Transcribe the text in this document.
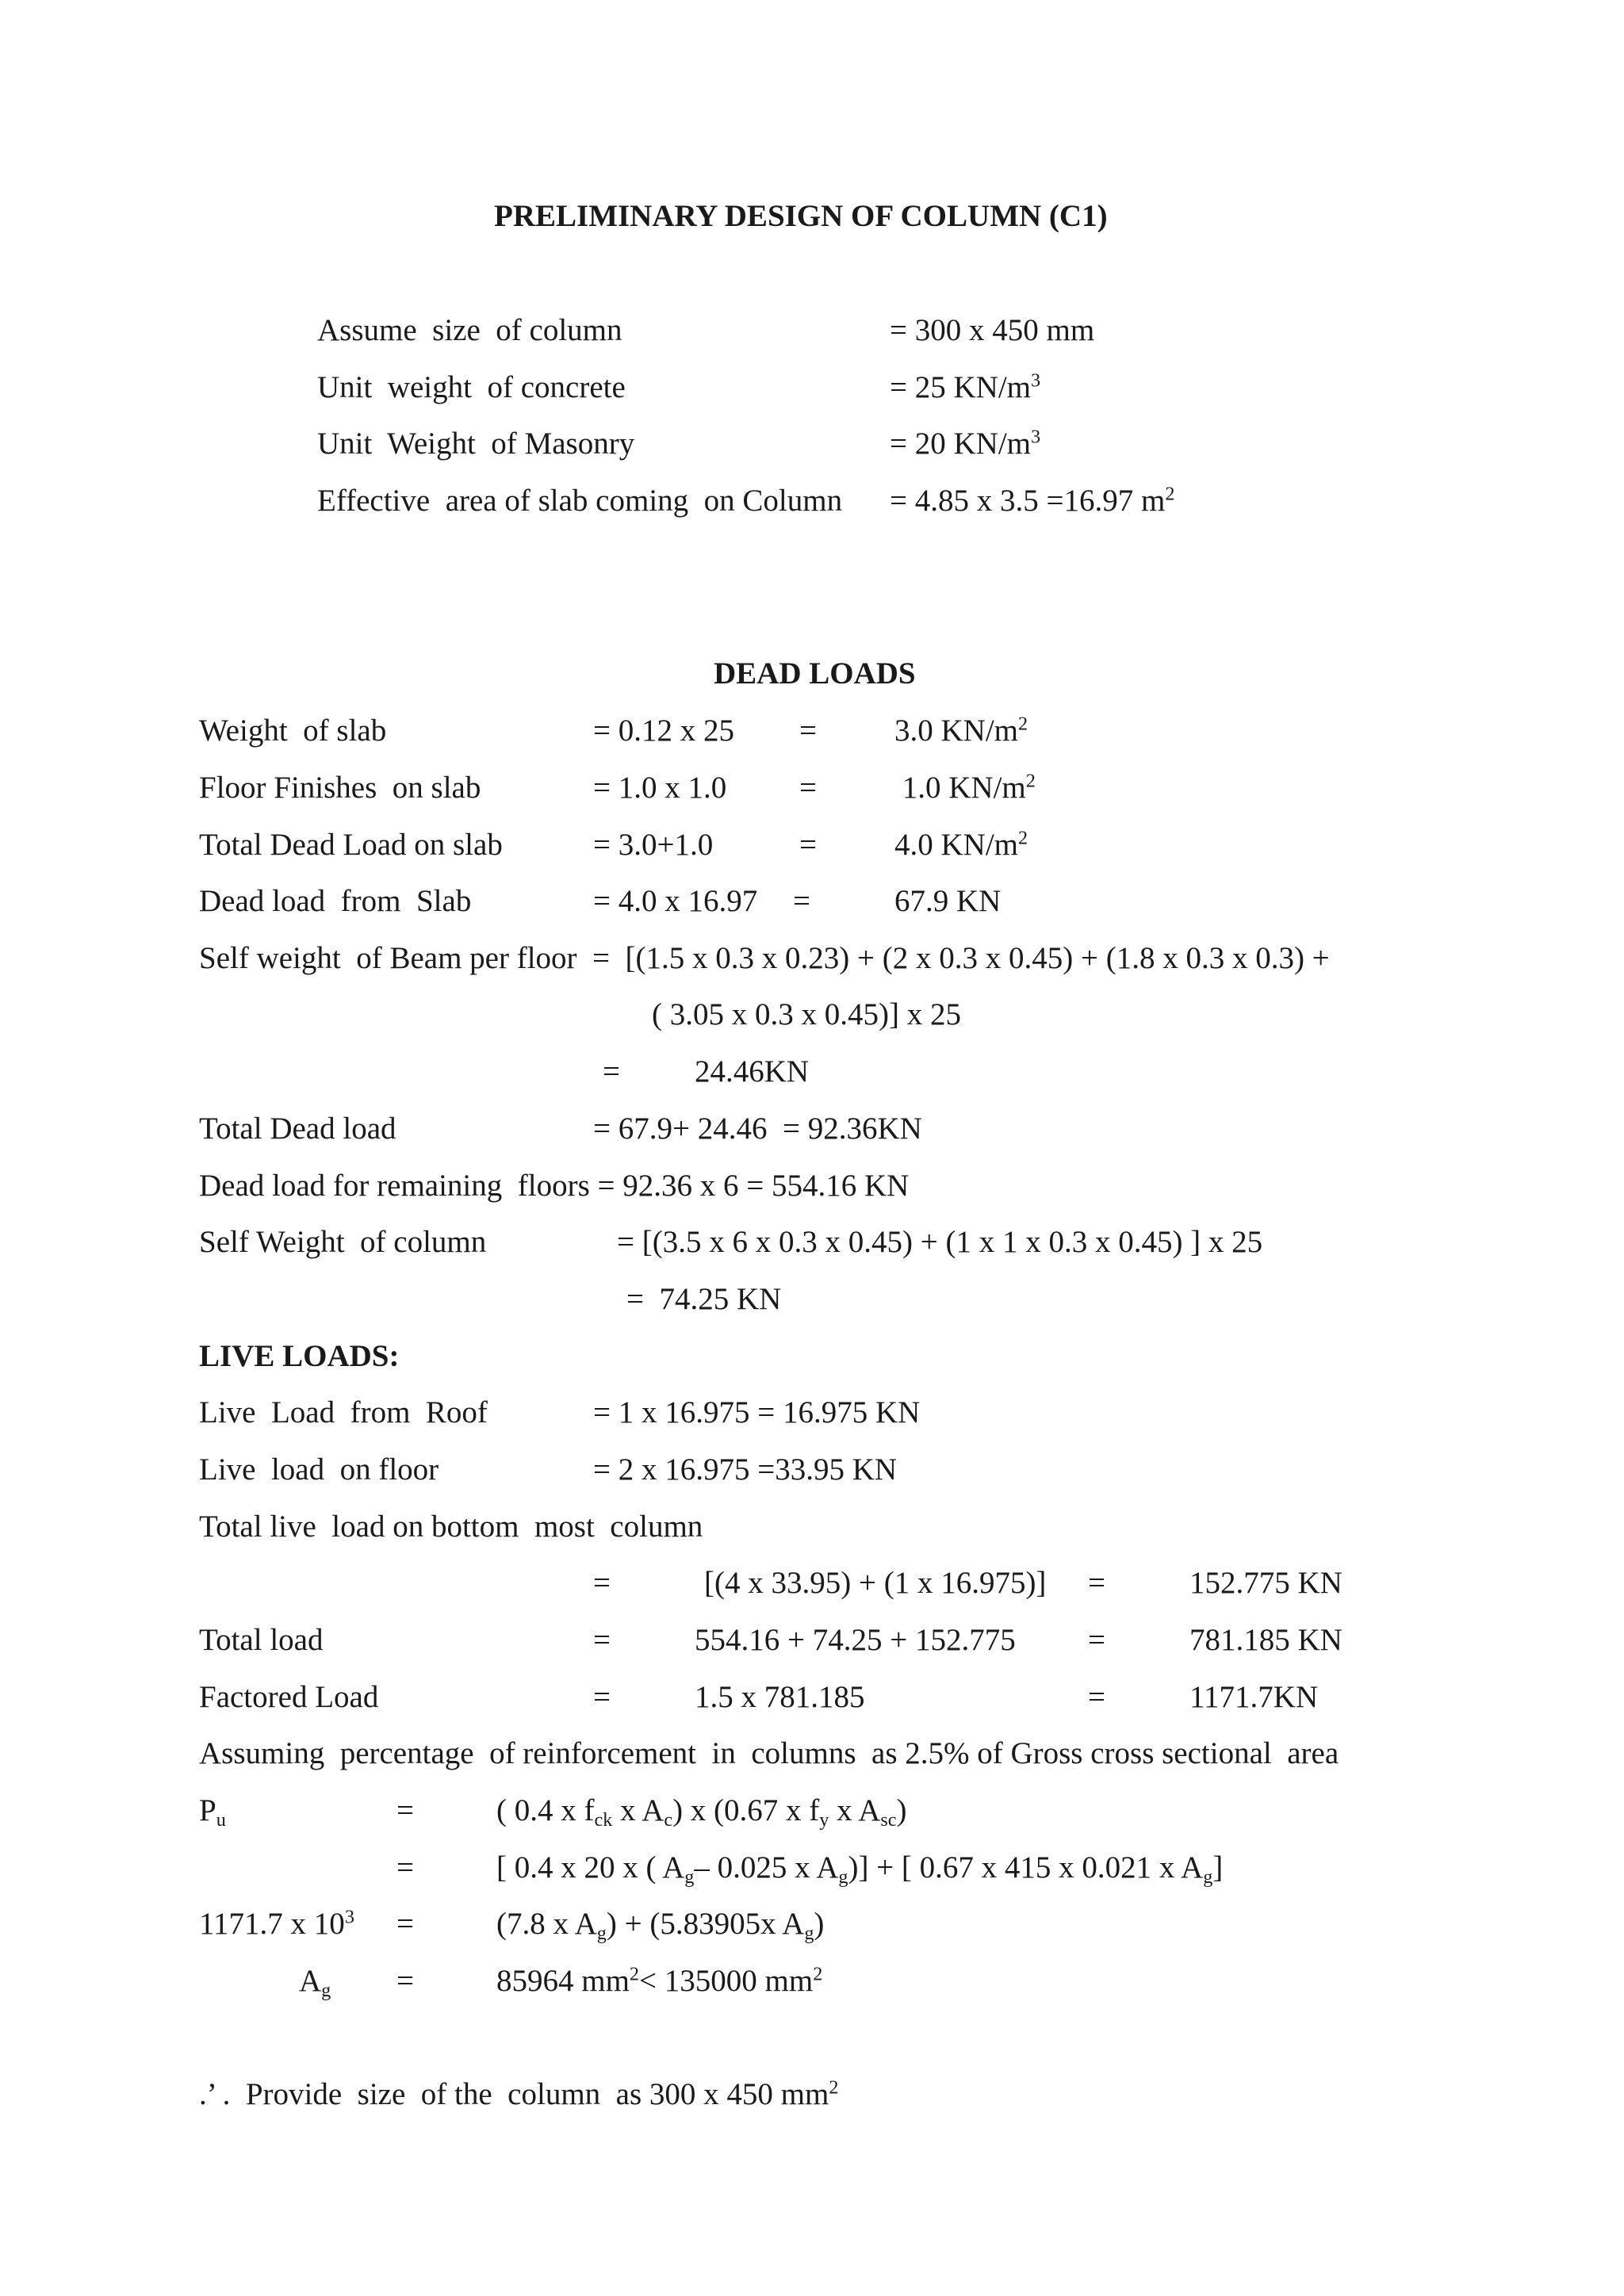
PRELIMINARY DESIGN OF COLUMN (C1)
Assume  size  of column	= 300 x 450 mm
Unit  weight  of concrete	= 25 $KN/m^3$
Unit  Weight  of Masonry	= 20 $KN/m^3$
Effective  area of slab coming  on Column = 4.85 x 3.5 =16.97 $m^2$
DEAD LOADS
Weight  of slab	= 0.12 x 25 =	3.0 $KN/m^2$
Floor Finishes  on slab	= 1.0 x 1.0 =	1.0 $KN/m^2$
Total Dead Load on slab	= 3.0+1.0	=	4.0 $KN/m^2$
Dead load  from  Slab	= 4.0 x 16.97 =	67.9 KN
Self weight  of Beam per floor  =  [(1.5 x 0.3 x 0.23) + (2 x 0.3 x 0.45) + (1.8 x 0.3 x 0.3) +
( 3.05 x 0.3 x 0.45)] x 25
= 24.46KN
Total Dead load	= 67.9+ 24.46  = 92.36KN
Dead load for remaining  floors = 92.36 x 6 = 554.16 KN
Self Weight  of column	= [(3.5 x 6 x 0.3 x 0.45) + (1 x 1 x 0.3 x 0.45) ] x 25
=  74.25 KN
LIVE LOADS:
Live  Load  from  Roof	= 1 x 16.975 = 16.975 KN
Live  load  on floor	= 2 x 16.975 =33.95 KN
Total live  load on bottom  most  column
=	[(4 x 33.95) + (1 x 16.975)] =	152.775 KN
Total load	=	554.16 + 74.25 + 152.775 =	781.185 KN
Factored Load	=	1.5 x 781.185	=	1171.7KN
Assuming  percentage  of reinforcement  in  columns  as 2.5% of Gross cross sectional  area
$P_u$	=	( 0.4 x $f_{ck}$ x $A_c$) x (0.67 x $f_y$ x $A_{sc}$)
=	[ 0.4 x 20 x ( $A_g-$ 0.025 x $A_g$)] + [ 0.67 x 415 x 0.021 x $A_g$]
1171.7 x $10^3$ =	(7.8 x $A_g) + (5.83905x$ $A_g$)
$A_g$ =	85964 $mm^2< 135000$ $mm^2$
.’ .  Provide  size  of the  column  as 300 x 450 $mm^2$
